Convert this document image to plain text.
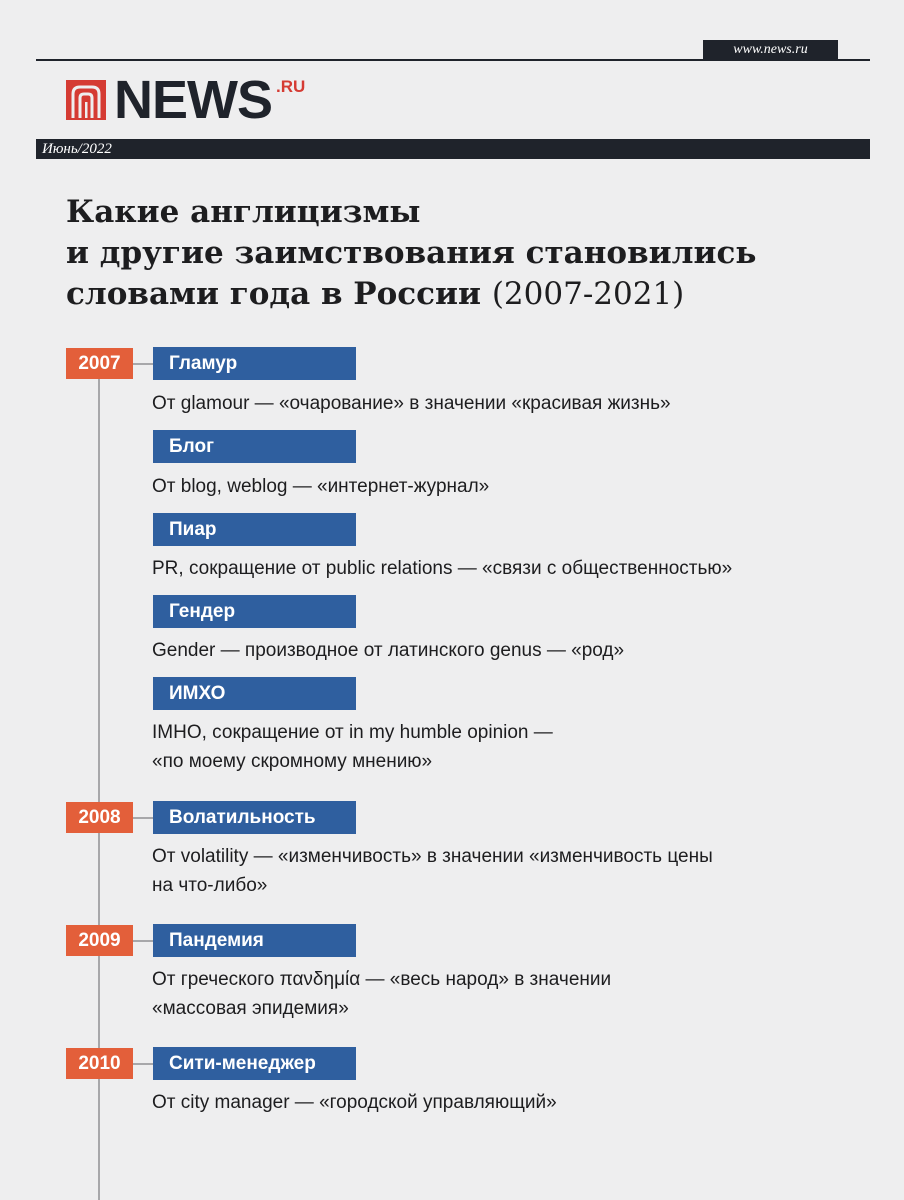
www.news.ru
NEWS .RU
Июнь/2022
Какие англицизмы
и другие заимствования становились
словами года в России (2007-2021)
2007	Гламур
От glamour — «очарование» в значении «красивая жизнь»
Блог
От blog, weblog — «интернет-журнал»
Пиар
PR, сокращение от public relations — «связи с общественностью»
Гендер
Gender — производное от латинского genus — «род»
ИМХО
IMHO, сокращение от in my humble opinion —
«по моему скромному мнению»
2008	Волатильность
От volatility — «изменчивость» в значении «изменчивость цены
на что-либо»
2009	Пандемия
От греческого πανδημία — «весь народ» в значении
«массовая эпидемия»
2010	Сити-менеджер
От city manager — «городской управляющий»
